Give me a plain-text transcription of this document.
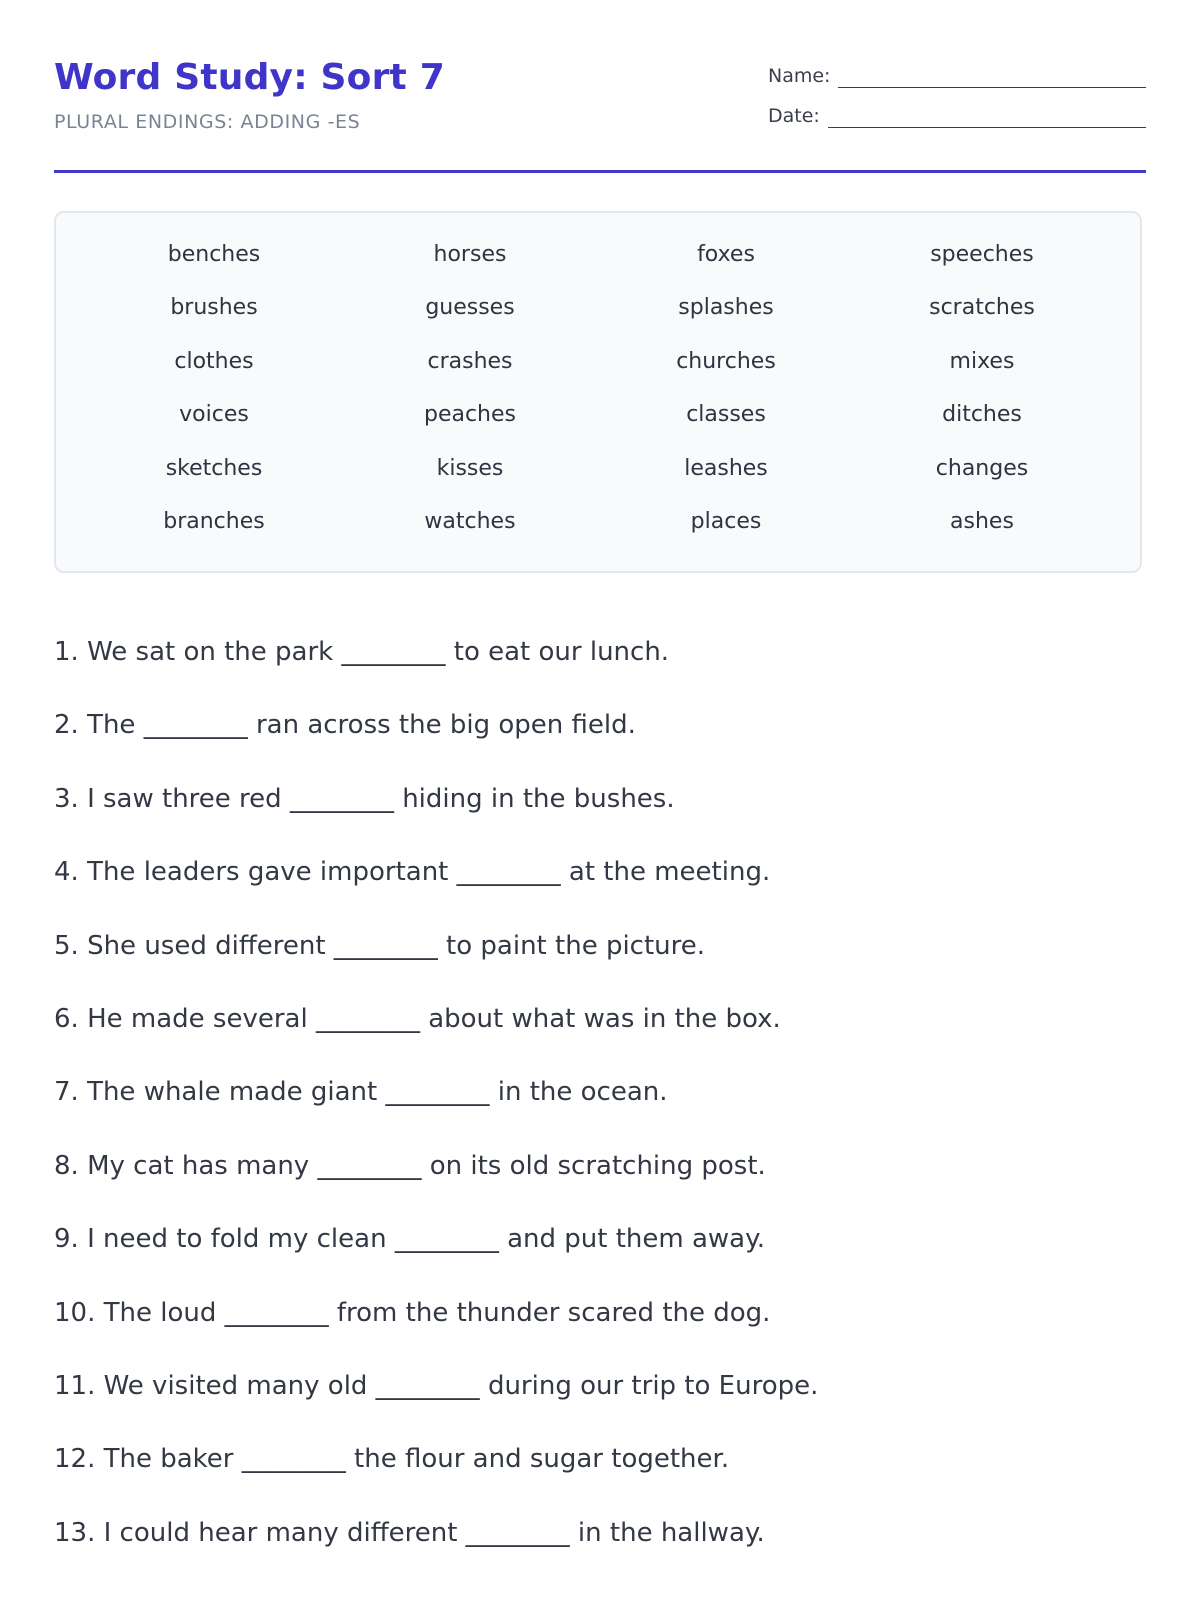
Word Study: Sort 7
PLURAL ENDINGS: ADDING -ES
Name:
Date:
benches	horses	foxes	speeches
brushes	guesses	splashes	scratches
clothes	crashes	churches	mixes
voices	peaches	classes	ditches
sketches	kisses	leashes	changes
branches	watches	places	ashes
1. We sat on the park ________ to eat our lunch.
2. The ________ ran across the big open field.
3. I saw three red ________ hiding in the bushes.
4. The leaders gave important ________ at the meeting.
5. She used different ________ to paint the picture.
6. He made several ________ about what was in the box.
7. The whale made giant ________ in the ocean.
8. My cat has many ________ on its old scratching post.
9. I need to fold my clean ________ and put them away.
10. The loud ________ from the thunder scared the dog.
11. We visited many old ________ during our trip to Europe.
12. The baker ________ the flour and sugar together.
13. I could hear many different ________ in the hallway.
